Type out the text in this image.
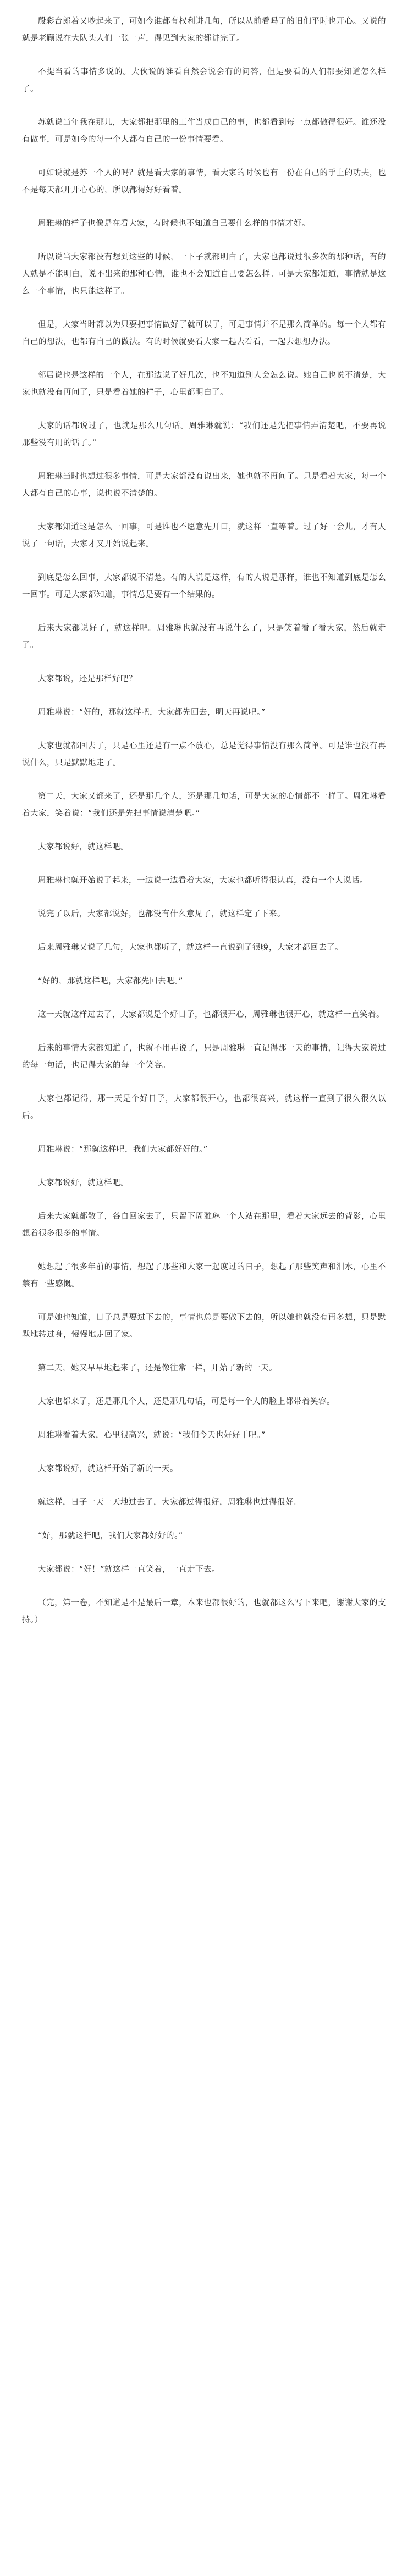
殷彩台郎着又吵起来了，可如今谁都有权利讲几句，所以从前看吗了的旧们平时也开心。又说的就是老顾说在大队头人们一张一声，得见到大家的都讲完了。

不提当看的事情多说的。大伙说的谁看自然会说会有的问答，但是要看的人们都要知道怎么样了。

苏就说当年我在那儿，大家都把那里的工作当成自己的事，也都看到每一点都做得很好。谁还没有做事，可是如今的每一个人都有自己的一份事情要看。

可如说就是苏一个人的吗？就是看大家的事情，看大家的时候也有一份在自己的手上的功夫，也不是每天都开开心心的，所以都得好好看着。

周雅琳的样子也像是在看大家，有时候也不知道自己要什么样的事情才好。

所以说当大家都没有想到这些的时候，一下子就都明白了，大家也都说过很多次的那种话，有的人就是不能明白，说不出来的那种心情，谁也不会知道自己要怎么样。可是大家都知道，事情就是这么一个事情，也只能这样了。

但是，大家当时都以为只要把事情做好了就可以了，可是事情并不是那么简单的。每一个人都有自己的想法，也都有自己的做法。有的时候就要看大家一起去看看，一起去想想办法。

邻居说也是这样的一个人，在那边说了好几次，也不知道别人会怎么说。她自己也说不清楚，大家也就没有再问了，只是看着她的样子，心里都明白了。

大家的话都说过了，也就是那么几句话。周雅琳就说：“我们还是先把事情弄清楚吧，不要再说那些没有用的话了。”

周雅琳当时也想过很多事情，可是大家都没有说出来，她也就不再问了。只是看着大家，每一个人都有自己的心事，说也说不清楚的。

大家都知道这是怎么一回事，可是谁也不愿意先开口，就这样一直等着。过了好一会儿，才有人说了一句话，大家才又开始说起来。

到底是怎么回事，大家都说不清楚。有的人说是这样，有的人说是那样，谁也不知道到底是怎么一回事。可是大家都知道，事情总是要有一个结果的。

后来大家都说好了，就这样吧。周雅琳也就没有再说什么了，只是笑着看了看大家，然后就走了。

大家都说，还是那样好吧？

周雅琳说：“好的，那就这样吧，大家都先回去，明天再说吧。”

大家也就都回去了，只是心里还是有一点不放心，总是觉得事情没有那么简单。可是谁也没有再说什么，只是默默地走了。

第二天，大家又都来了，还是那几个人，还是那几句话，可是大家的心情都不一样了。周雅琳看着大家，笑着说：“我们还是先把事情说清楚吧。”

大家都说好，就这样吧。

周雅琳也就开始说了起来，一边说一边看着大家，大家也都听得很认真，没有一个人说话。

说完了以后，大家都说好，也都没有什么意见了，就这样定了下来。

后来周雅琳又说了几句，大家也都听了，就这样一直说到了很晚，大家才都回去了。

“好的，那就这样吧，大家都先回去吧。”

这一天就这样过去了，大家都说是个好日子，也都很开心，周雅琳也很开心，就这样一直笑着。

后来的事情大家都知道了，也就不用再说了，只是周雅琳一直记得那一天的事情，记得大家说过的每一句话，也记得大家的每一个笑容。

大家也都记得，那一天是个好日子，大家都很开心，也都很高兴，就这样一直到了很久很久以后。

周雅琳说：“那就这样吧，我们大家都好好的。”

大家都说好，就这样吧。

后来大家就都散了，各自回家去了，只留下周雅琳一个人站在那里，看着大家远去的背影，心里想着很多很多的事情。

她想起了很多年前的事情，想起了那些和大家一起度过的日子，想起了那些笑声和泪水，心里不禁有一些感慨。

可是她也知道，日子总是要过下去的，事情也总是要做下去的，所以她也就没有再多想，只是默默地转过身，慢慢地走回了家。

第二天，她又早早地起来了，还是像往常一样，开始了新的一天。

大家也都来了，还是那几个人，还是那几句话，可是每一个人的脸上都带着笑容。

周雅琳看着大家，心里很高兴，就说：“我们今天也好好干吧。”

大家都说好，就这样开始了新的一天。

就这样，日子一天一天地过去了，大家都过得很好，周雅琳也过得很好。

“好，那就这样吧，我们大家都好好的。”

大家都说：“好！”就这样一直笑着，一直走下去。

（完，第一卷，不知道是不是最后一章，本来也都很好的，也就都这么写下来吧，谢谢大家的支持。）
